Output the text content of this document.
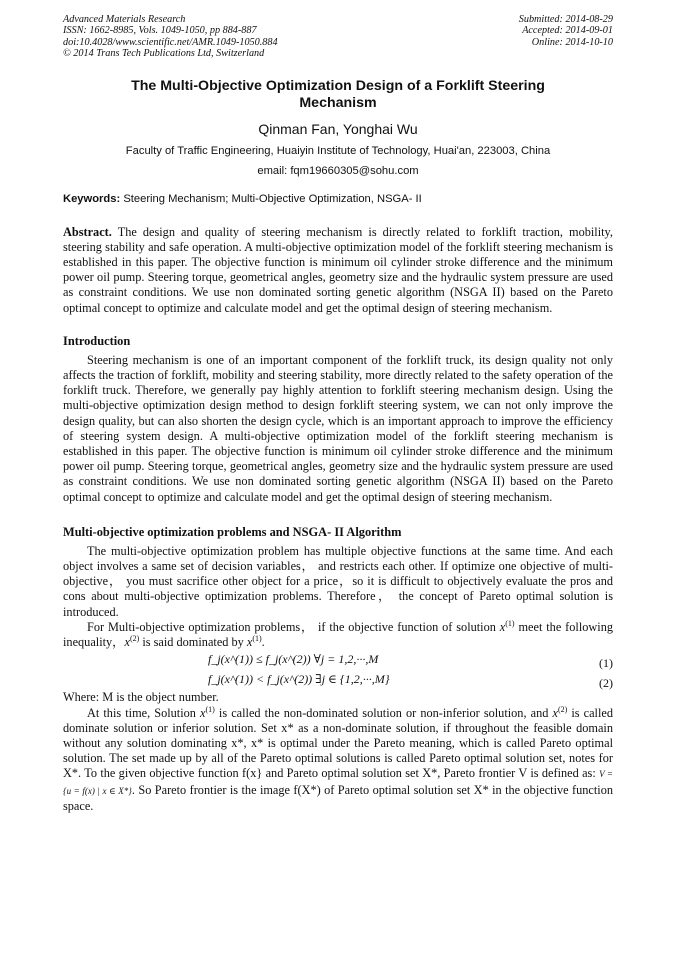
Advanced Materials Research
ISSN: 1662-8985, Vols. 1049-1050, pp 884-887
doi:10.4028/www.scientific.net/AMR.1049-1050.884
© 2014 Trans Tech Publications Ltd, Switzerland
Submitted: 2014-08-29
Accepted: 2014-09-01
Online: 2014-10-10
The Multi-Objective Optimization Design of a Forklift Steering Mechanism
Qinman Fan, Yonghai Wu
Faculty of Traffic Engineering, Huaiyin Institute of Technology, Huai'an, 223003, China
email: fqm19660305@sohu.com
Keywords: Steering Mechanism; Multi-Objective Optimization, NSGA- II

Abstract. The design and quality of steering mechanism is directly related to forklift traction, mobility, steering stability and safe operation. A multi-objective optimization model of the forklift steering mechanism is established in this paper. The objective function is minimum oil cylinder stroke difference and the minimum power oil pump. Steering torque, geometrical angles, geometry size and the hydraulic system pressure are used as constraint conditions. We use non dominated sorting genetic algorithm (NSGA II) based on the Pareto optimal concept to optimize and calculate model and get the optimal design of steering mechanism.

Introduction

Steering mechanism is one of an important component of the forklift truck, its design quality not only affects the traction of forklift, mobility and steering stability, more directly related to the safety operation of the forklift truck. Therefore, we generally pay highly attention to forklift steering mechanism design. Using the multi-objective optimization design method to design forklift steering system, we can not only improve the design quality, but can also shorten the design cycle, which is an important approach to improve the efficiency of steering system design. A multi-objective optimization model of the forklift steering mechanism is established in this paper. The objective function is minimum oil cylinder stroke difference and the minimum power oil pump. Steering torque, geometrical angles, geometry size and the hydraulic system pressure are used as constraint conditions. We use non dominated sorting genetic algorithm (NSGA II) based on the Pareto optimal concept to optimize and calculate model and get the optimal design of steering mechanism.

Multi-objective optimization problems and NSGA- II Algorithm

The multi-objective optimization problem has multiple objective functions at the same time. And each object involves a same set of decision variables， and restricts each other. If optimize one objective of multi-objective， you must sacrifice other object for a price，so it is difficult to objectively evaluate the pros and cons about multi-objective optimization problems. Therefore， the concept of Pareto optimal solution is introduced.

For Multi-objective optimization problems， if the objective function of solution $x^{(1)}$ meet the following inequality，$x^{(2)}$ is said dominated by $x^{(1)}$.

f_j(x^(1)) ≤ f_j(x^(2)) ∀j = 1,2,···,M	(1)
f_j(x^(1)) < f_j(x^(2)) ∃j ∈ {1,2,···,M}	(2)

Where: M is the object number.

At this time, Solution $x^{(1)}$ is called the non-dominated solution or non-inferior solution, and $x^{(2)}$ is called dominate solution or inferior solution. Set x* as a non-dominate solution, if throughout the feasible domain without any solution dominating x*, x* is optimal under the Pareto meaning, which is called Pareto optimal solution. The set made up by all of the Pareto optimal solutions is called Pareto optimal solution set, notes for X*. To the given objective function f(x} and Pareto optimal solution set X*, Pareto frontier V is defined as: V = {u = f(x) | x ∈ X*}. So Pareto frontier is the image f(X*) of Pareto optimal solution set X* in the objective function space.
